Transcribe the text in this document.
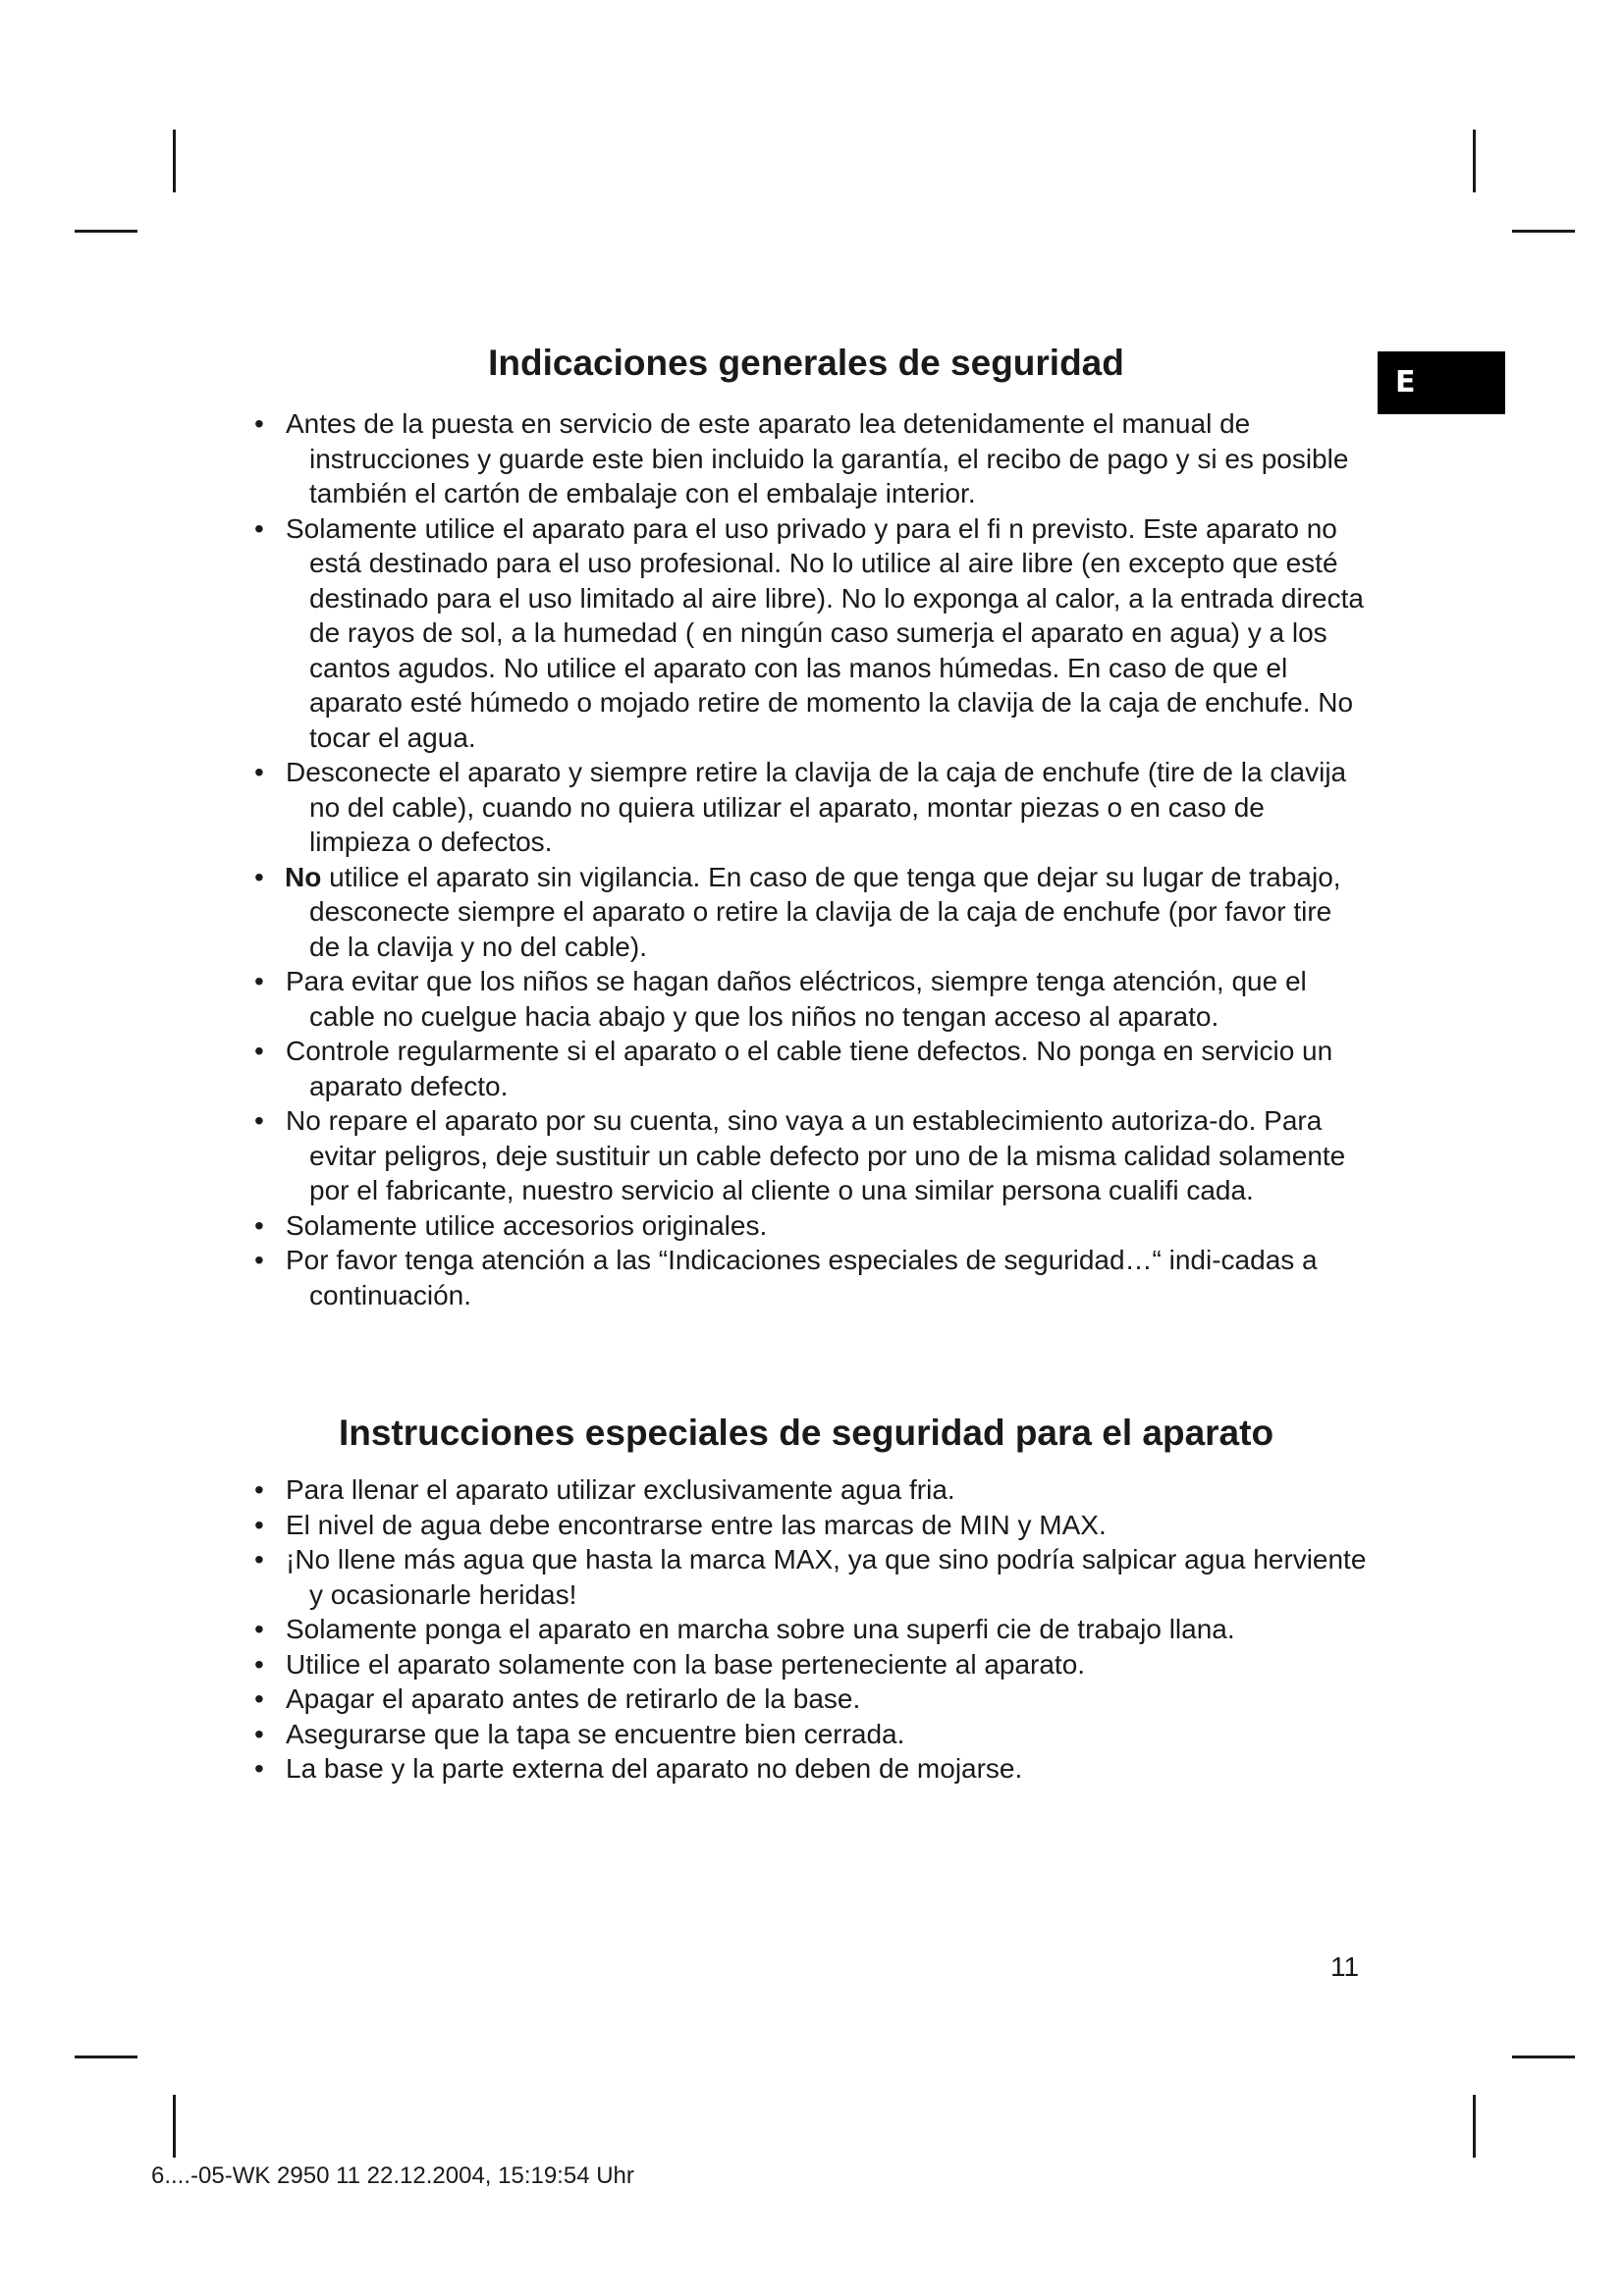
E
Indicaciones generales de seguridad
• Antes de la puesta en servicio de este aparato lea detenidamente el manual de instrucciones y guarde este bien incluido la garantía, el recibo de pago y si es posible también el cartón de embalaje con el embalaje interior.
• Solamente utilice el aparato para el uso privado y para el fi n previsto. Este aparato no está destinado para el uso profesional. No lo utilice al aire libre (en excepto que esté destinado para el uso limitado al aire libre). No lo exponga al calor, a la entrada directa de rayos de sol, a la humedad ( en ningún caso sumerja el aparato en agua) y a los cantos agudos. No utilice el aparato con las manos húmedas. En caso de que el aparato esté húmedo o mojado retire de momento la clavija de la caja de enchufe. No tocar el agua.
• Desconecte el aparato y siempre retire la clavija de la caja de enchufe (tire de la clavija no del cable), cuando no quiera utilizar el aparato, montar piezas o en caso de limpieza o defectos.
• No utilice el aparato sin vigilancia. En caso de que tenga que dejar su lugar de trabajo, desconecte siempre el aparato o retire la clavija de la caja de enchufe (por favor tire de la clavija y no del cable).
• Para evitar que los niños se hagan daños eléctricos, siempre tenga atención, que el cable no cuelgue hacia abajo y que los niños no tengan acceso al aparato.
• Controle regularmente si el aparato o el cable tiene defectos. No ponga en servicio un aparato defecto.
• No repare el aparato por su cuenta, sino vaya a un establecimiento autoriza-do. Para evitar peligros, deje sustituir un cable defecto por uno de la misma calidad solamente por el fabricante, nuestro servicio al cliente o una similar persona cualifi cada.
• Solamente utilice accesorios originales.
• Por favor tenga atención a las “Indicaciones especiales de seguridad…“ indi-cadas a continuación.
Instrucciones especiales de seguridad para el aparato
• Para llenar el aparato utilizar exclusivamente agua fria.
• El nivel de agua debe encontrarse entre las marcas de MIN y MAX.
• ¡No llene más agua que hasta la marca MAX, ya que sino podría salpicar agua herviente y ocasionarle heridas!
• Solamente ponga el aparato en marcha sobre una superfi cie de trabajo llana.
• Utilice el aparato solamente con la base perteneciente al aparato.
• Apagar el aparato antes de retirarlo de la base.
• Asegurarse que la tapa se encuentre bien cerrada.
• La base y la parte externa del aparato no deben de mojarse.
11
6....-05-WK 2950 11 22.12.2004, 15:19:54 Uhr
